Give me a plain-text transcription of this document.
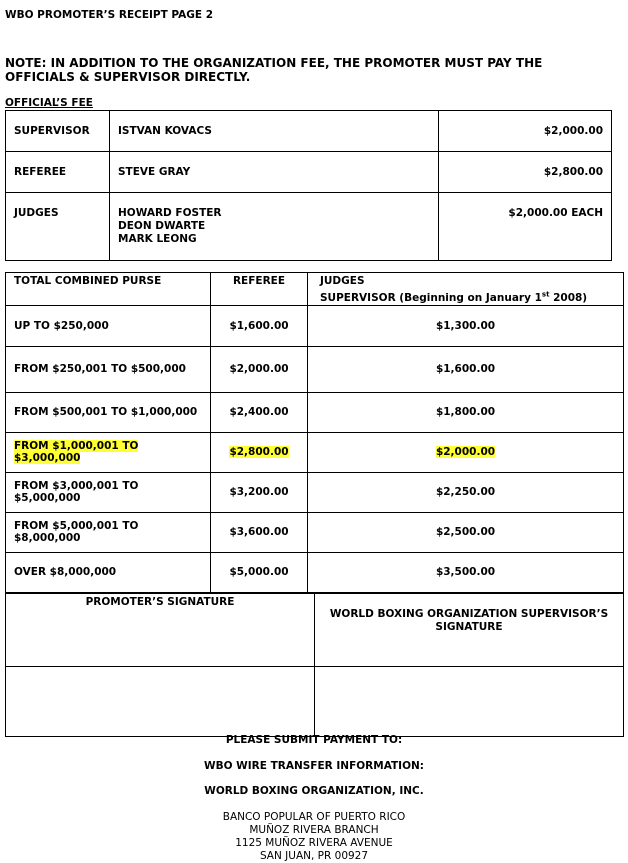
WBO PROMOTER’S RECEIPT PAGE 2
NOTE: IN ADDITION TO THE ORGANIZATION FEE, THE PROMOTER MUST PAY THE OFFICIALS & SUPERVISOR DIRECTLY.
OFFICIAL’S FEE
SUPERVISOR	ISTVAN KOVACS	$2,000.00
REFEREE	STEVE GRAY	$2,800.00
JUDGES	HOWARD FOSTER
DEON DWARTE
MARK LEONG	$2,000.00 EACH
TOTAL COMBINED PURSE	REFEREE	JUDGES
SUPERVISOR (Beginning on January 1st 2008)
UP TO $250,000	$1,600.00	$1,300.00
FROM $250,001 TO $500,000	$2,000.00	$1,600.00
FROM $500,001 TO $1,000,000	$2,400.00	$1,800.00
FROM $1,000,001 TO $3,000,000	$2,800.00	$2,000.00
FROM $3,000,001 TO $5,000,000	$3,200.00	$2,250.00
FROM $5,000,001 TO $8,000,000	$3,600.00	$2,500.00
OVER $8,000,000	$5,000.00	$3,500.00
PROMOTER’S SIGNATURE	WORLD BOXING ORGANIZATION SUPERVISOR’S SIGNATURE

PLEASE SUBMIT PAYMENT TO:
WBO WIRE TRANSFER INFORMATION:
WORLD BOXING ORGANIZATION, INC.
BANCO POPULAR OF PUERTO RICO
MUÑOZ RIVERA BRANCH
1125 MUÑOZ RIVERA AVENUE
SAN JUAN, PR 00927
